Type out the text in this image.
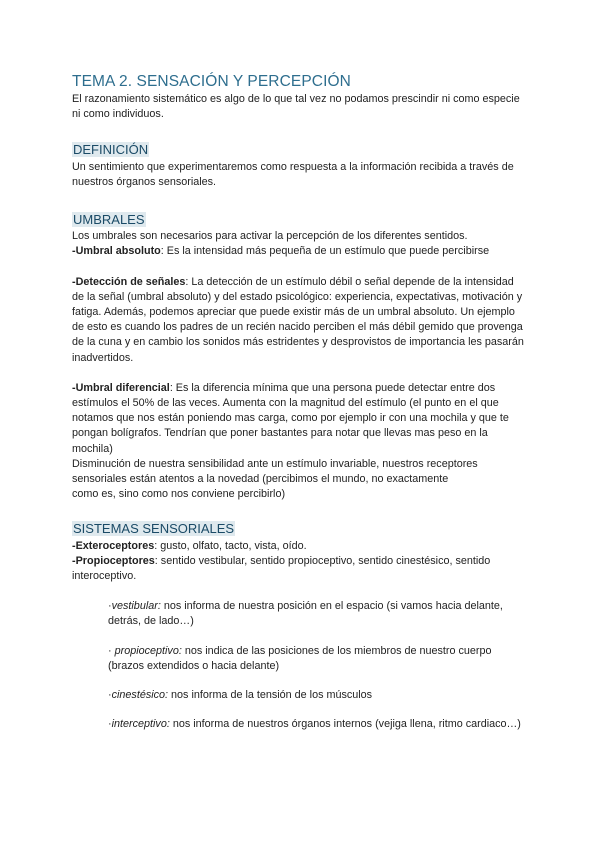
TEMA 2. SENSACIÓN Y PERCEPCIÓN

El razonamiento sistemático es algo de lo que tal vez no podamos prescindir ni como especie ni como individuos.

DEFINICIÓN

Un sentimiento que experimentaremos como respuesta a la información recibida a través de nuestros órganos sensoriales.

UMBRALES

Los umbrales son necesarios para activar la percepción de los diferentes sentidos.

-Umbral absoluto: Es la intensidad más pequeña de un estímulo que puede percibirse

-Detección de señales: La detección de un estímulo débil o señal depende de la intensidad de la señal (umbral absoluto) y del estado psicológico: experiencia, expectativas, motivación y fatiga. Además, podemos apreciar que puede existir más de un umbral absoluto. Un ejemplo de esto es cuando los padres de un recién nacido perciben el más débil gemido que provenga de la cuna y en cambio los sonidos más estridentes y desprovistos de importancia les pasarán inadvertidos.

-Umbral diferencial: Es la diferencia mínima que una persona puede detectar entre dos estímulos el 50% de las veces. Aumenta con la magnitud del estímulo (el punto en el que notamos que nos están poniendo mas carga, como por ejemplo ir con una mochila y que te pongan bolígrafos. Tendrían que poner bastantes para notar que llevas mas peso en la mochila)

Disminución de nuestra sensibilidad ante un estímulo invariable, nuestros receptores sensoriales están atentos a la novedad (percibimos el mundo, no exactamente
como es, sino como nos conviene percibirlo)

SISTEMAS SENSORIALES

-Exteroceptores: gusto, olfato, tacto, vista, oído.

-Propioceptores: sentido vestibular, sentido propioceptivo, sentido cinestésico, sentido interoceptivo.

·vestibular: nos informa de nuestra posición en el espacio (si vamos hacia delante, detrás, de lado…)

· propioceptivo: nos indica de las posiciones de los miembros de nuestro cuerpo (brazos extendidos o hacia delante)

·cinestésico: nos informa de la tensión de los músculos

·interceptivo: nos informa de nuestros órganos internos (vejiga llena, ritmo cardiaco…)
